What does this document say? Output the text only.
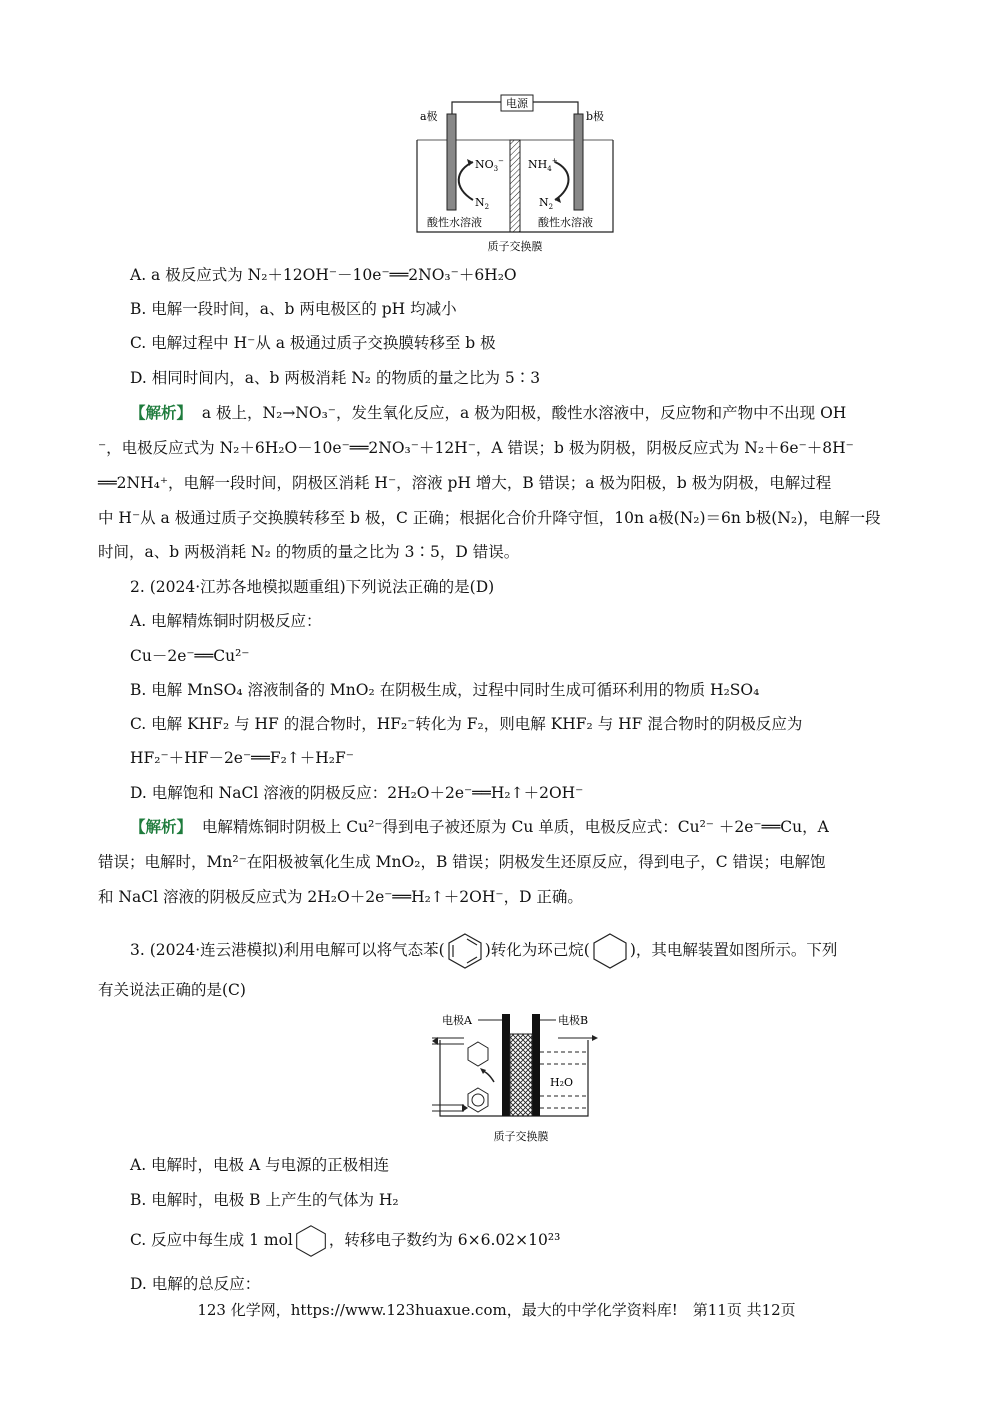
电源
a极	b极
$NO_3^-$
$N_2$
$NH_4^+$
$N_2$
酸性水溶液	酸性水溶液
质子交换膜
A. a 极反应式为 N₂＋12OH⁻－10e⁻══2NO₃⁻＋6H₂O
B. 电解一段时间，a、b 两电极区的 pH 均减小
C. 电解过程中 H⁻从 a 极通过质子交换膜转移至 b 极
D. 相同时间内，a、b 两极消耗 N₂ 的物质的量之比为 5∶3
【解析】 a 极上，N₂→NO₃⁻，发生氧化反应，a 极为阳极，酸性水溶液中，反应物和产物中不出现 OH
⁻，电极反应式为 N₂＋6H₂O－10e⁻══2NO₃⁻＋12H⁻，A 错误；b 极为阴极，阴极反应式为 N₂＋6e⁻＋8H⁻
══2NH₄⁺，电解一段时间，阴极区消耗 H⁻，溶液 pH 增大，B 错误；a 极为阳极，b 极为阴极，电解过程
中 H⁻从 a 极通过质子交换膜转移至 b 极，C 正确；根据化合价升降守恒，10n a极(N₂)＝6n b极(N₂)，电解一段
时间，a、b 两极消耗 N₂ 的物质的量之比为 3∶5，D 错误。
2. (2024·江苏各地模拟题重组)下列说法正确的是(D)
A. 电解精炼铜时阴极反应：
Cu－2e⁻══Cu²⁻
B. 电解 MnSO₄ 溶液制备的 MnO₂ 在阴极生成，过程中同时生成可循环利用的物质 H₂SO₄
C. 电解 KHF₂ 与 HF 的混合物时，HF₂⁻转化为 F₂，则电解 KHF₂ 与 HF 混合物时的阴极反应为
HF₂⁻＋HF－2e⁻══F₂↑＋H₂F⁻
D. 电解饱和 NaCl 溶液的阴极反应：2H₂O＋2e⁻══H₂↑＋2OH⁻
【解析】 电解精炼铜时阴极上 Cu²⁻得到电子被还原为 Cu 单质，电极反应式：Cu²⁻ ＋2e⁻══Cu，A
错误；电解时，Mn²⁻在阳极被氧化生成 MnO₂，B 错误；阴极发生还原反应，得到电子，C 错误；电解饱
和 NaCl 溶液的阴极反应式为 2H₂O＋2e⁻══H₂↑＋2OH⁻，D 正确。
3. (2024·连云港模拟)利用电解可以将气态苯(	)转化为环己烷(	)，其电解装置如图所示。下列
有关说法正确的是(C)
电极A	电极B
H₂O
质子交换膜
A. 电解时，电极 A 与电源的正极相连
B. 电解时，电极 B 上产生的气体为 H₂
C. 反应中每生成 1 mol ，转移电子数约为 6×6.02×10²³
D. 电解的总反应：
123 化学网，https://www.123huaxue.com，最大的中学化学资料库!　第11页 共12页
